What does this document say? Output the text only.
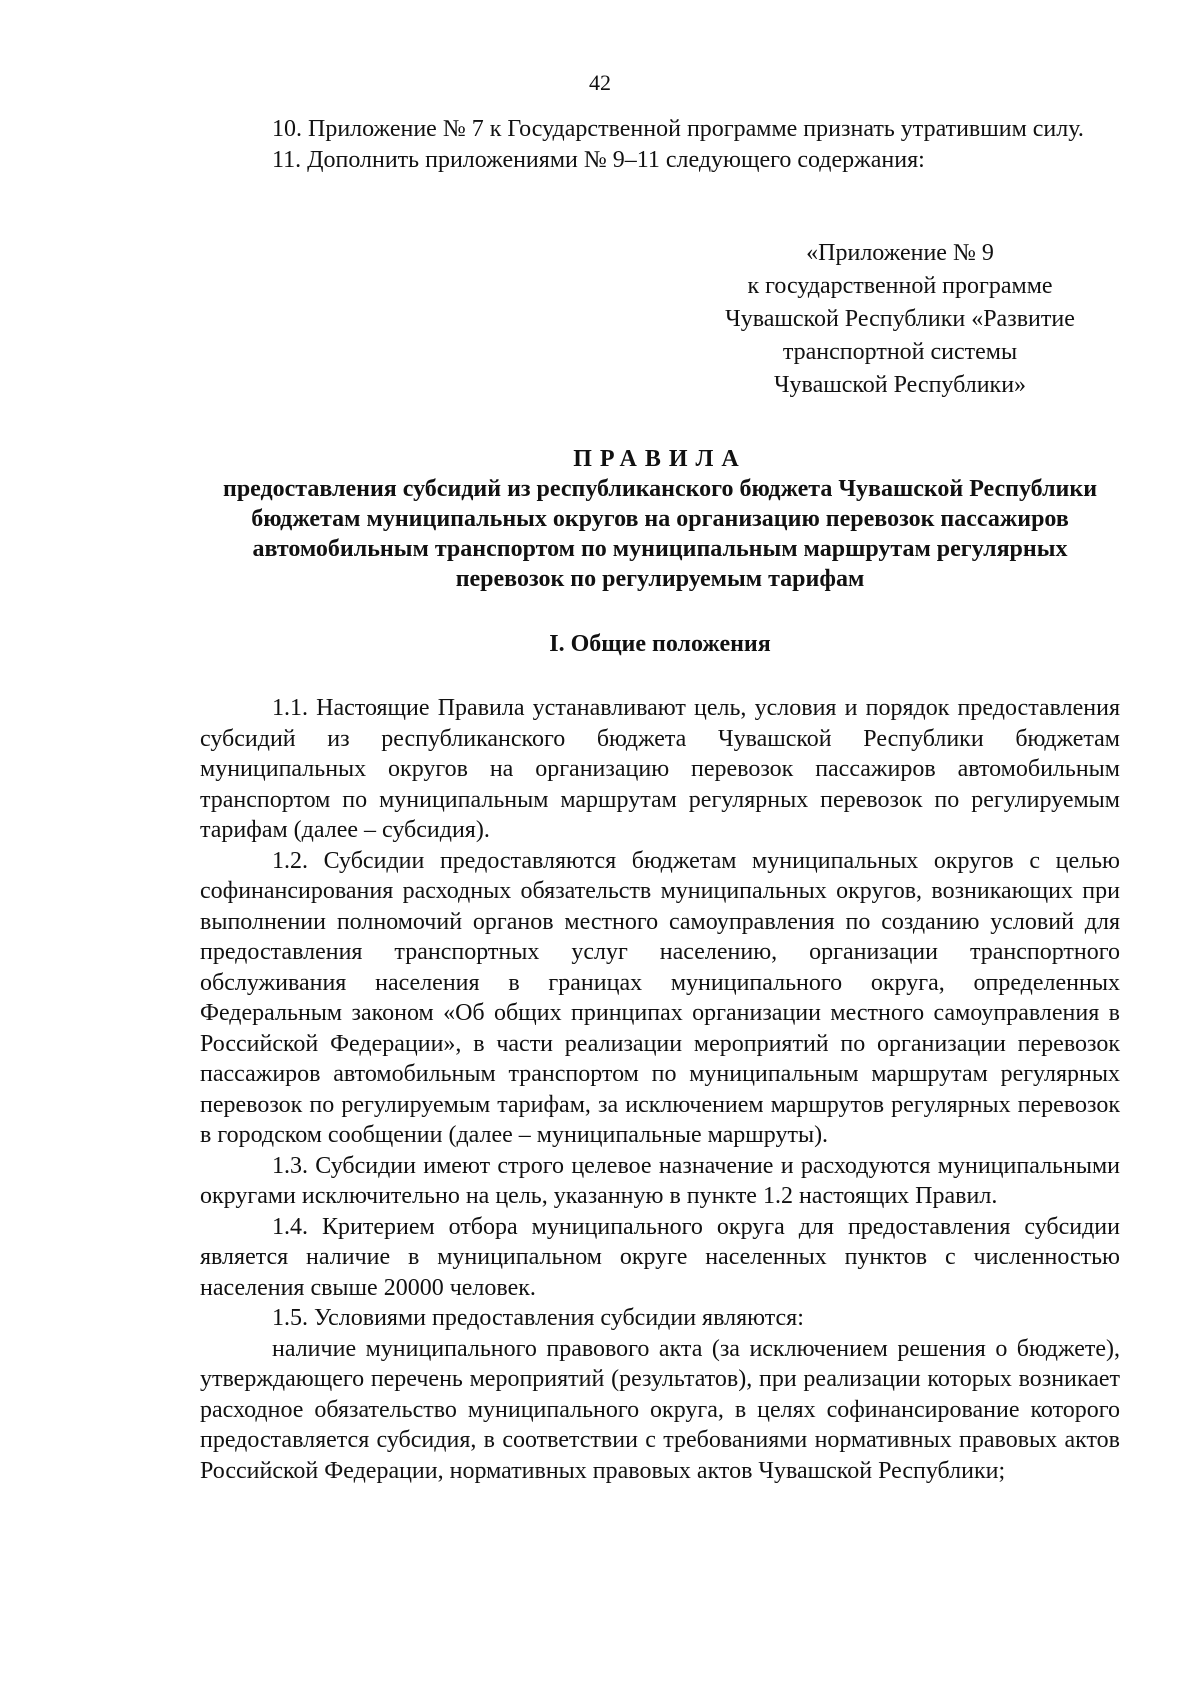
42

10. Приложение № 7 к Государственной программе признать утратившим силу.

11. Дополнить приложениями № 9–11 следующего содержания:

«Приложение № 9
к государственной программе
Чувашской Республики «Развитие
транспортной системы
Чувашской Республики»
ПРАВИЛА
предоставления субсидий из республиканского бюджета Чувашской Республики бюджетам муниципальных округов на организацию перевозок пассажиров автомобильным транспортом по муниципальным маршрутам регулярных перевозок по регулируемым тарифам
I. Общие положения

1.1. Настоящие Правила устанавливают цель, условия и порядок предоставления субсидий из республиканского бюджета Чувашской Республики бюджетам муниципальных округов на организацию перевозок пассажиров автомобильным транспортом по муниципальным маршрутам регулярных перевозок по регулируемым тарифам (далее – субсидия).

1.2. Субсидии предоставляются бюджетам муниципальных округов с целью софинансирования расходных обязательств муниципальных округов, возникающих при выполнении полномочий органов местного самоуправления по созданию условий для предоставления транспортных услуг населению, организации транспортного обслуживания населения в границах муниципального округа, определенных Федеральным законом «Об общих принципах организации местного самоуправления в Российской Федерации», в части реализации мероприятий по организации перевозок пассажиров автомобильным транспортом по муниципальным маршрутам регулярных перевозок по регулируемым тарифам, за исключением маршрутов регулярных перевозок в городском сообщении (далее – муниципальные маршруты).

1.3. Субсидии имеют строго целевое назначение и расходуются муниципальными округами исключительно на цель, указанную в пункте 1.2 настоящих Правил.

1.4. Критерием отбора муниципального округа для предоставления субсидии является наличие в муниципальном округе населенных пунктов с численностью населения свыше 20000 человек.

1.5. Условиями предоставления субсидии являются:

наличие муниципального правового акта (за исключением решения о бюджете), утверждающего перечень мероприятий (результатов), при реализации которых возникает расходное обязательство муниципального округа, в целях софинансирование которого предоставляется субсидия, в соответствии с требованиями нормативных правовых актов Российской Федерации, нормативных правовых актов Чувашской Республики;
